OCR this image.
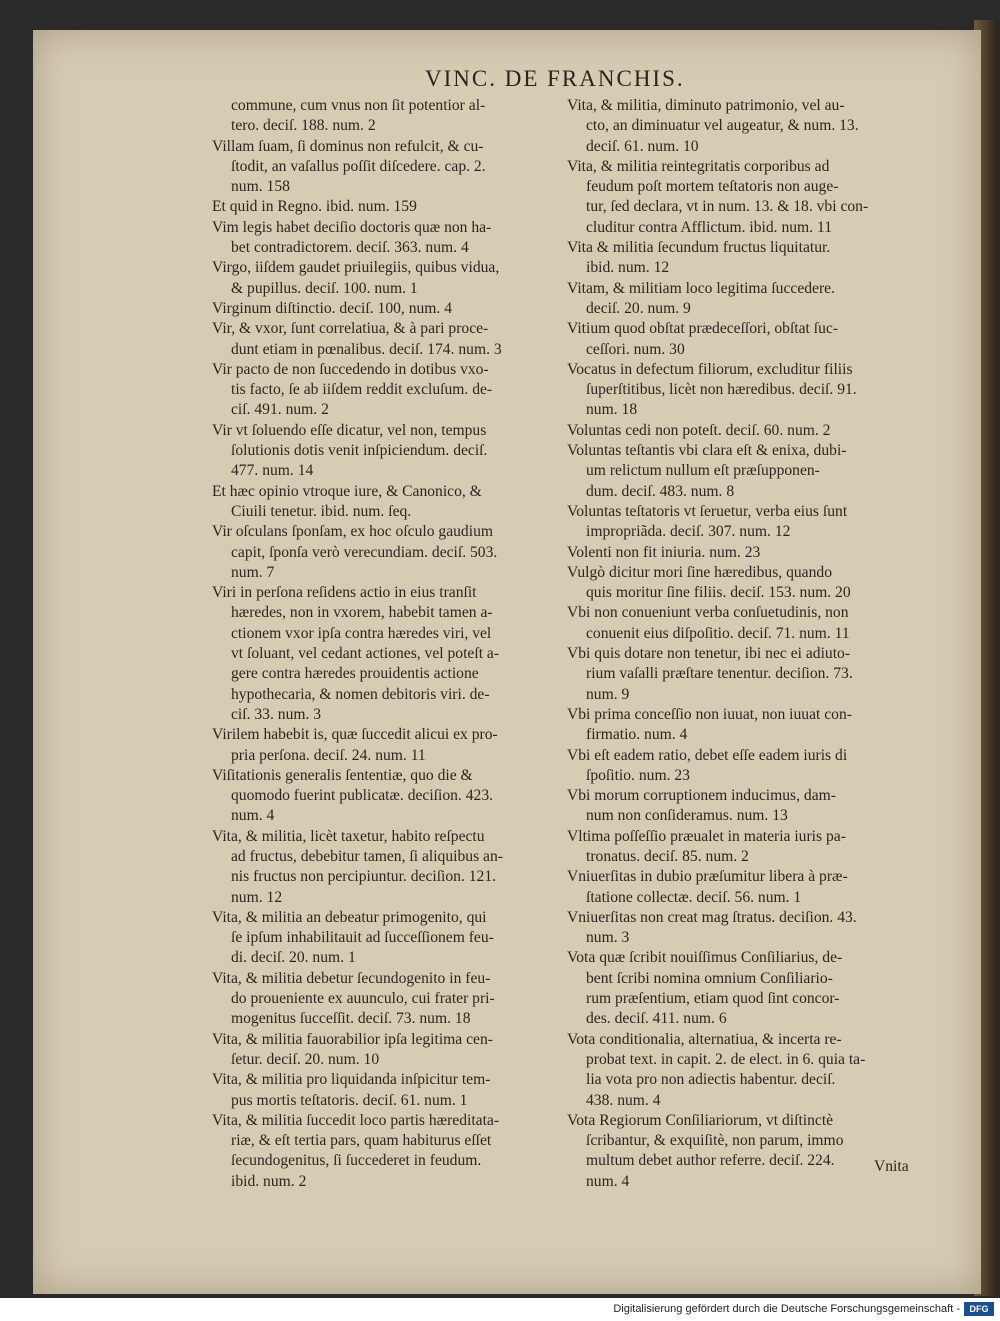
VINC. DE FRANCHIS.
commune, cum vnus non ſit potentior al-
tero. deciſ. 188. num. 2
Villam ſuam, ſi dominus non refulcit, & cu-
ſtodit, an vaſallus poſſit diſcedere. cap. 2.
num. 158
Et quid in Regno. ibid. num. 159
Vim legis habet deciſio doctoris quæ non ha-
bet contradictorem. deciſ. 363. num. 4
Virgo, iiſdem gaudet priuilegiis, quibus vidua,
& pupillus. deciſ. 100. num. 1
Virginum diſtinctio. deciſ. 100, num. 4
Vir, & vxor, ſunt correlatiua, & à pari proce-
dunt etiam in pœnalibus. deciſ. 174. num. 3
Vir pacto de non ſuccedendo in dotibus vxo-
tis facto, ſe ab iiſdem reddit excluſum. de-
ciſ. 491. num. 2
Vir vt ſoluendo eſſe dicatur, vel non, tempus
ſolutionis dotis venit inſpiciendum. deciſ.
477. num. 14
Et hæc opinio vtroque iure, & Canonico, &
Ciuili tenetur. ibid. num. ſeq.
Vir oſculans ſponſam, ex hoc oſculo gaudium
capit, ſponſa verò verecundiam. deciſ. 503.
num. 7
Viri in perſona reſidens actio in eius tranſit
hæredes, non in vxorem, habebit tamen a-
ctionem vxor ipſa contra hæredes viri, vel
vt ſoluant, vel cedant actiones, vel poteſt a-
gere contra hæredes prouidentis actione
hypothecaria, & nomen debitoris viri. de-
ciſ. 33. num. 3
Virilem habebit is, quæ ſuccedit alicui ex pro-
pria perſona. deciſ. 24. num. 11
Viſitationis generalis ſententiæ, quo die &
quomodo fuerint publicatæ. deciſion. 423.
num. 4
Vita, & militia, licèt taxetur, habito reſpectu
ad fructus, debebitur tamen, ſi aliquibus an-
nis fructus non percipiuntur. deciſion. 121.
num. 12
Vita, & militia an debeatur primogenito, qui
ſe ipſum inhabilitauit ad ſucceſſionem feu-
di. deciſ. 20. num. 1
Vita, & militia debetur ſecundogenito in feu-
do proueniente ex auunculo, cui frater pri-
mogenitus ſucceſſit. deciſ. 73. num. 18
Vita, & militia fauorabilior ipſa legitima cen-
ſetur. deciſ. 20. num. 10
Vita, & militia pro liquidanda inſpicitur tem-
pus mortis teſtatoris. deciſ. 61. num. 1
Vita, & militia ſuccedit loco partis hæreditata-
riæ, & eſt tertia pars, quam habiturus eſſet
ſecundogenitus, ſi ſuccederet in feudum.
ibid. num. 2
Vita, & militia, diminuto patrimonio, vel au-
cto, an diminuatur vel augeatur, & num. 13.
deciſ. 61. num. 10
Vita, & militia reintegritatis corporibus ad
feudum poſt mortem teſtatoris non auge-
tur, ſed declara, vt in num. 13. & 18. vbi con-
cluditur contra Afflictum. ibid. num. 11
Vita & militia ſecundum fructus liquitatur.
ibid. num. 12
Vitam, & militiam loco legitima ſuccedere.
deciſ. 20. num. 9
Vitium quod obſtat prædeceſſori, obſtat ſuc-
ceſſori. num. 30
Vocatus in defectum filiorum, excluditur filiis
ſuperſtitibus, licèt non hæredibus. deciſ. 91.
num. 18
Voluntas cedi non poteſt. deciſ. 60. num. 2
Voluntas teſtantis vbi clara eſt & enixa, dubi-
um relictum nullum eſt præſupponen-
dum. deciſ. 483. num. 8
Voluntas teſtatoris vt ſeruetur, verba eius ſunt
impropriãda. deciſ. 307. num. 12
Volenti non fit iniuria. num. 23
Vulgò dicitur mori ſine hæredibus, quando
quis moritur ſine filiis. deciſ. 153. num. 20
Vbi non conueniunt verba conſuetudinis, non
conuenit eius diſpoſitio. deciſ. 71. num. 11
Vbi quis dotare non tenetur, ibi nec ei adiuto-
rium vaſalli præſtare tenentur. deciſion. 73.
num. 9
Vbi prima conceſſio non iuuat, non iuuat con-
firmatio. num. 4
Vbi eſt eadem ratio, debet eſſe eadem iuris di
ſpoſitio. num. 23
Vbi morum corruptionem inducimus, dam-
num non conſideramus. num. 13
Vltima poſſeſſio præualet in materia iuris pa-
tronatus. deciſ. 85. num. 2
Vniuerſitas in dubio præſumitur libera à præ-
ſtatione collectæ. deciſ. 56. num. 1
Vniuerſitas non creat mag ſtratus. deciſion. 43.
num. 3
Vota quæ ſcribit nouiſſimus Conſiliarius, de-
bent ſcribi nomina omnium Conſiliario-
rum præſentium, etiam quod ſint concor-
des. deciſ. 411. num. 6
Vota conditionalia, alternatiua, & incerta re-
probat text. in capit. 2. de elect. in 6. quia ta-
lia vota pro non adiectis habentur. deciſ.
438. num. 4
Vota Regiorum Conſiliariorum, vt diſtinctè
ſcribantur, & exquiſitè, non parum, immo
multum debet author referre. deciſ. 224.
num. 4
Vnita
Digitalisierung gefördert durch die Deutsche Forschungsgemeinschaft -	DFG
